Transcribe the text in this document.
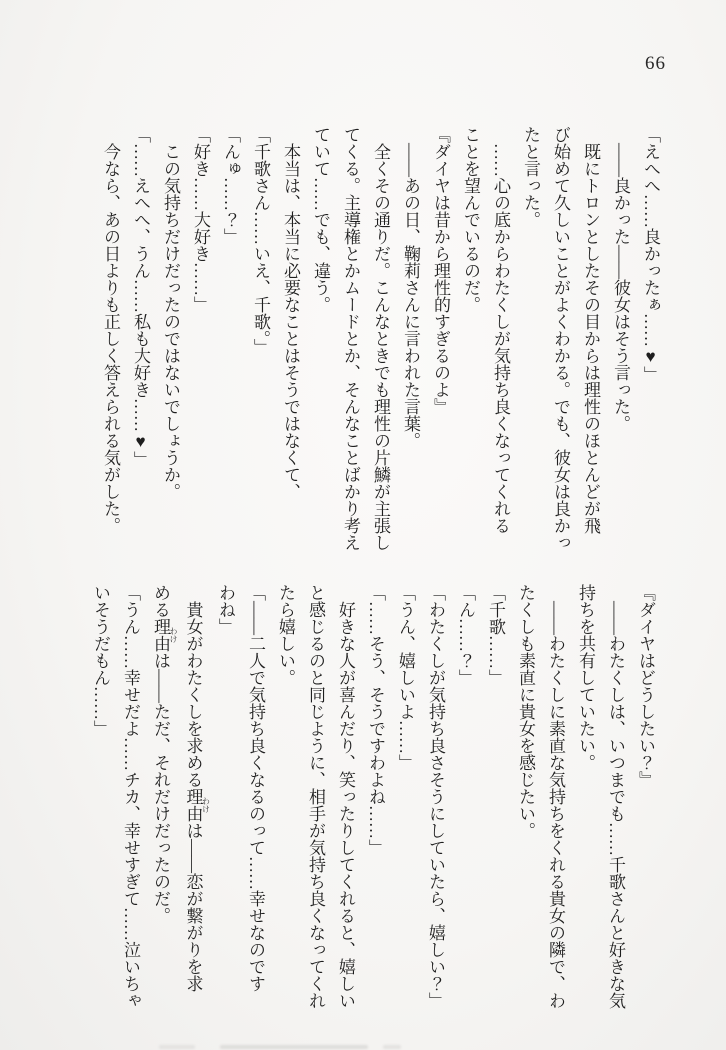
66

「えへへ……良かったぁ……♥」

　——良かった——彼女はそう言った。

　既にトロンとしたその目からは理性のほとんどが飛

び始めて久しいことがよくわかる。でも、彼女は良かっ

たと言った。

　……心の底からわたくしが気持ち良くなってくれる

ことを望んでいるのだ。

『ダイヤは昔から理性的すぎるのよ』

　——あの日、鞠莉さんに言われた言葉。

　全くその通りだ。こんなときでも理性の片鱗が主張し

てくる。主導権とかムードとか、そんなことばかり考え

ていて……でも、違う。

　本当は、本当に必要なことはそうではなくて、

「千歌さん……いえ、千歌。」

「んゅ……？」

「好き……大好き……」

　この気持ちだけだったのではないでしょうか。

「……えへへ、うん……私も大好き……♥」

　今なら、あの日よりも正しく答えられる気がした。

『ダイヤはどうしたい？』

　——わたくしは、いつまでも……千歌さんと好きな気

持ちを共有していたい。

　——わたくしに素直な気持ちをくれる貴女の隣で、わ

たくしも素直に貴女を感じたい。

「千歌……」

「ん……？」

「わたくしが気持ち良さそうにしていたら、嬉しい？」

「うん、嬉しいよ……」

「……そう、そうですわよね……」

　好きな人が喜んだり、笑ったりしてくれると、嬉しい

と感じるのと同じように、相手が気持ち良くなってくれ

たら嬉しい。

「——二人で気持ち良くなるのって……幸せなのです

わね」

　貴女がわたくしを求める理由 わけは——恋が繋がりを求

める理由 わけは——ただ、それだけだったのだ。

「うん……幸せだよ……チカ、幸せすぎて……泣いちゃ

いそうだもん……」
